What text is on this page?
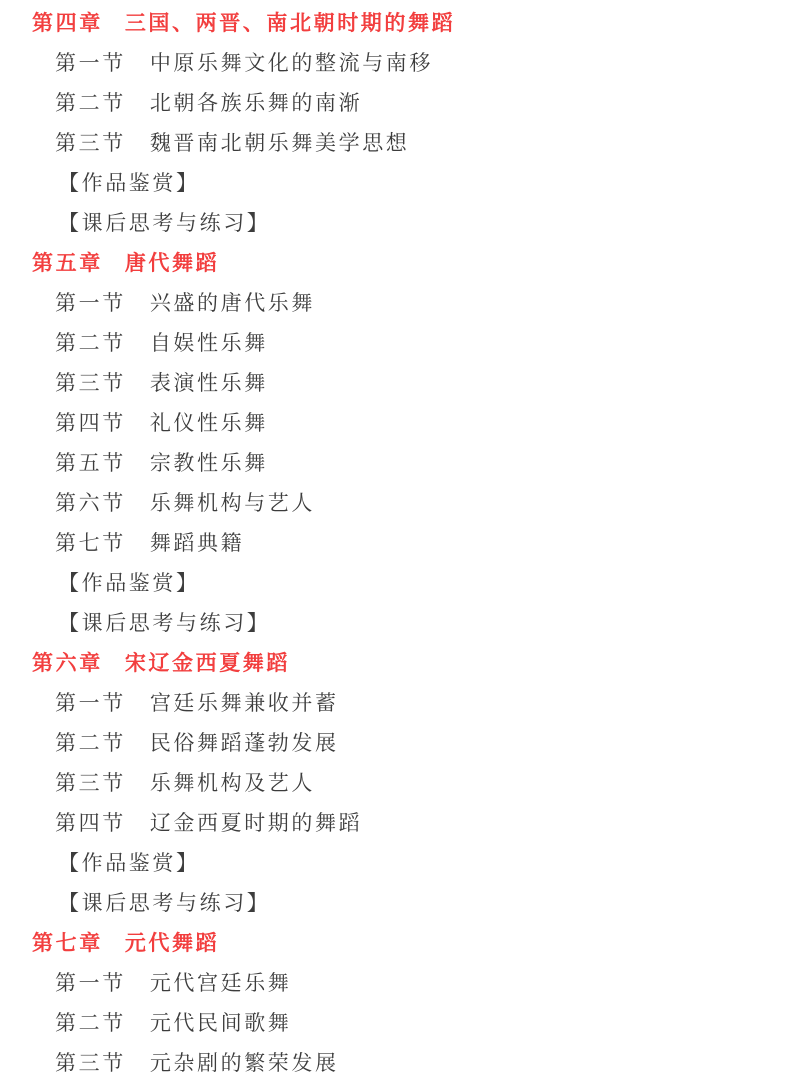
第四章 三国、两晋、南北朝时期的舞蹈
第一节 中原乐舞文化的整流与南移
第二节 北朝各族乐舞的南渐
第三节 魏晋南北朝乐舞美学思想
【作品鉴赏】
【课后思考与练习】
第五章 唐代舞蹈
第一节 兴盛的唐代乐舞
第二节 自娱性乐舞
第三节 表演性乐舞
第四节 礼仪性乐舞
第五节 宗教性乐舞
第六节 乐舞机构与艺人
第七节 舞蹈典籍
【作品鉴赏】
【课后思考与练习】
第六章 宋辽金西夏舞蹈
第一节 宫廷乐舞兼收并蓄
第二节 民俗舞蹈蓬勃发展
第三节 乐舞机构及艺人
第四节 辽金西夏时期的舞蹈
【作品鉴赏】
【课后思考与练习】
第七章 元代舞蹈
第一节 元代宫廷乐舞
第二节 元代民间歌舞
第三节 元杂剧的繁荣发展
